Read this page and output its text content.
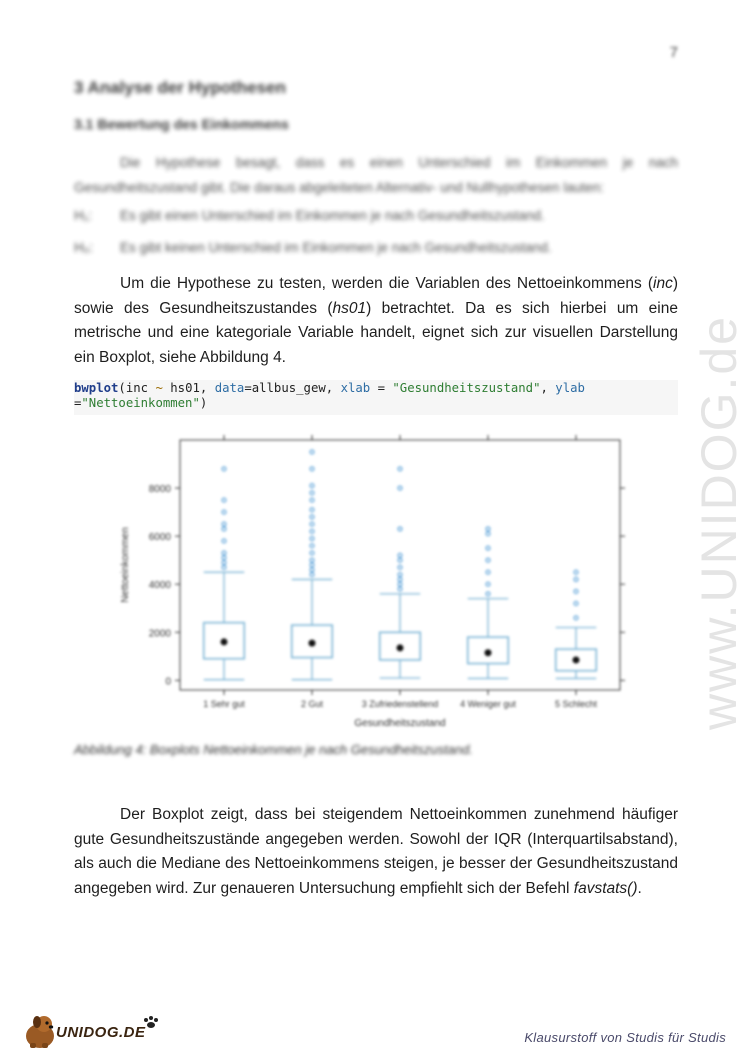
7
www.UNIDOG.de
3 Analyse der Hypothesen
3.1 Bewertung des Einkommens
Die Hypothese besagt, dass es einen Unterschied im Einkommen je nach Gesundheitszustand gibt. Die daraus abgeleiteten Alternativ- und Nullhypothesen lauten:
H₁: Es gibt einen Unterschied im Einkommen je nach Gesundheitszustand.
H₀: Es gibt keinen Unterschied im Einkommen je nach Gesundheitszustand.
Um die Hypothese zu testen, werden die Variablen des Nettoeinkommens (inc) sowie des Gesundheitszustandes (hs01) betrachtet. Da es sich hierbei um eine metrische und eine kategoriale Variable handelt, eignet sich zur visuellen Darstellung ein Boxplot, siehe Abbildung 4.
bwplot(inc ~ hs01, data=allbus_gew, xlab = "Gesundheitszustand", ylab
="Nettoeinkommen")
0
2000
4000
6000
8000
Nettoeinkommen
1 Sehr gut	2 Gut	3 Zufriedenstellend 4 Weniger gut	5 Schlecht
Gesundheitszustand
Abbildung 4: Boxplots Nettoeinkommen je nach Gesundheitszustand.
Der Boxplot zeigt, dass bei steigendem Nettoeinkommen zunehmend häufiger gute Gesundheitszustände angegeben werden. Sowohl der IQR (Interquartilsabstand), als auch die Mediane des Nettoeinkommens steigen, je besser der Gesundheitszustand angegeben wird. Zur genaueren Untersuchung empfiehlt sich der Befehl favstats().
UNIDOG.DE	Klausurstoff von Studis für Studis
